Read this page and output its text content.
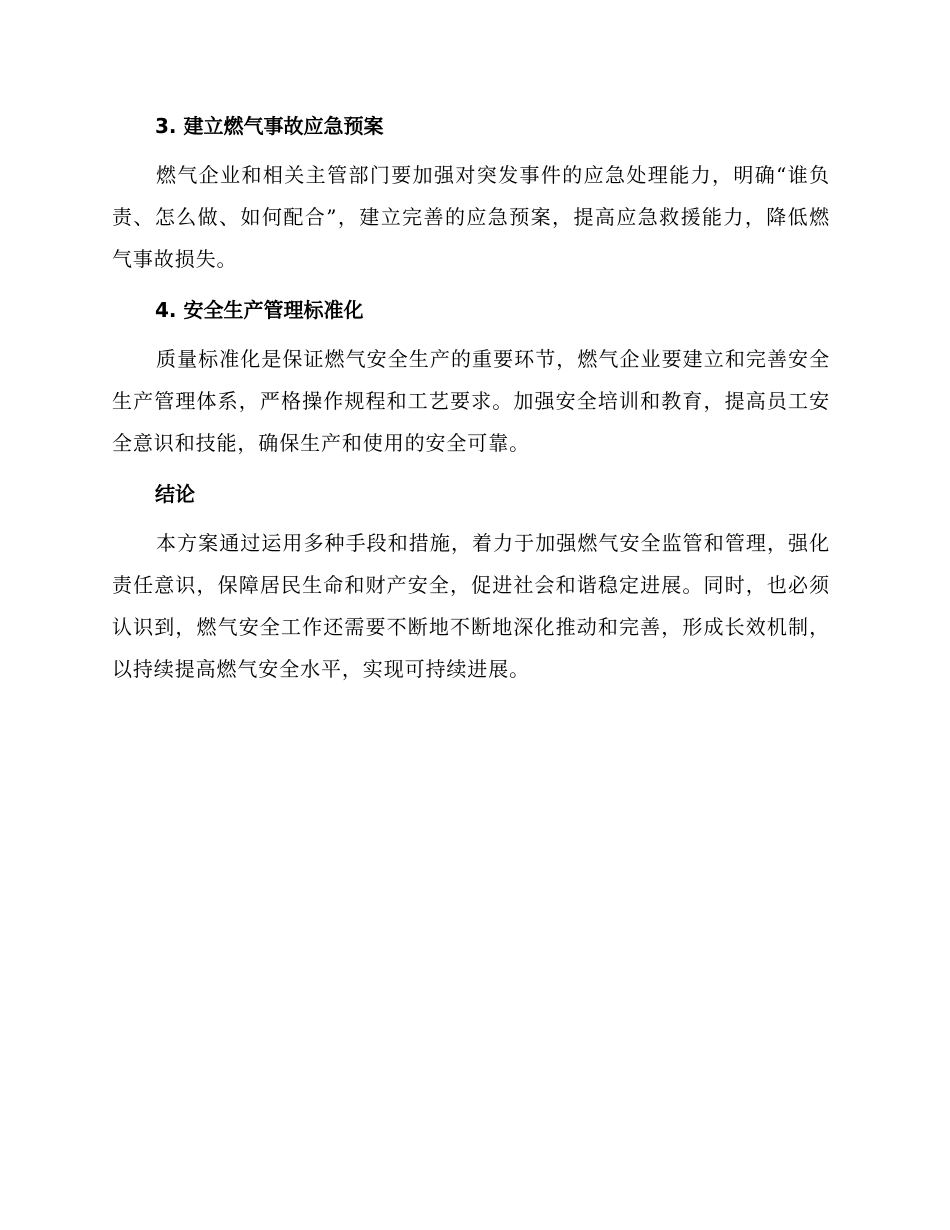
3. 建立燃气事故应急预案

燃气企业和相关主管部门要加强对突发事件的应急处理能力，明确“谁负责、怎么做、如何配合”，建立完善的应急预案，提高应急救援能力，降低燃气事故损失。

4. 安全生产管理标准化

质量标准化是保证燃气安全生产的重要环节，燃气企业要建立和完善安全生产管理体系，严格操作规程和工艺要求。加强安全培训和教育，提高员工安全意识和技能，确保生产和使用的安全可靠。

结论

本方案通过运用多种手段和措施，着力于加强燃气安全监管和管理，强化责任意识，保障居民生命和财产安全，促进社会和谐稳定进展。同时，也必须认识到，燃气安全工作还需要不断地不断地深化推动和完善，形成长效机制，以持续提高燃气安全水平，实现可持续进展。
